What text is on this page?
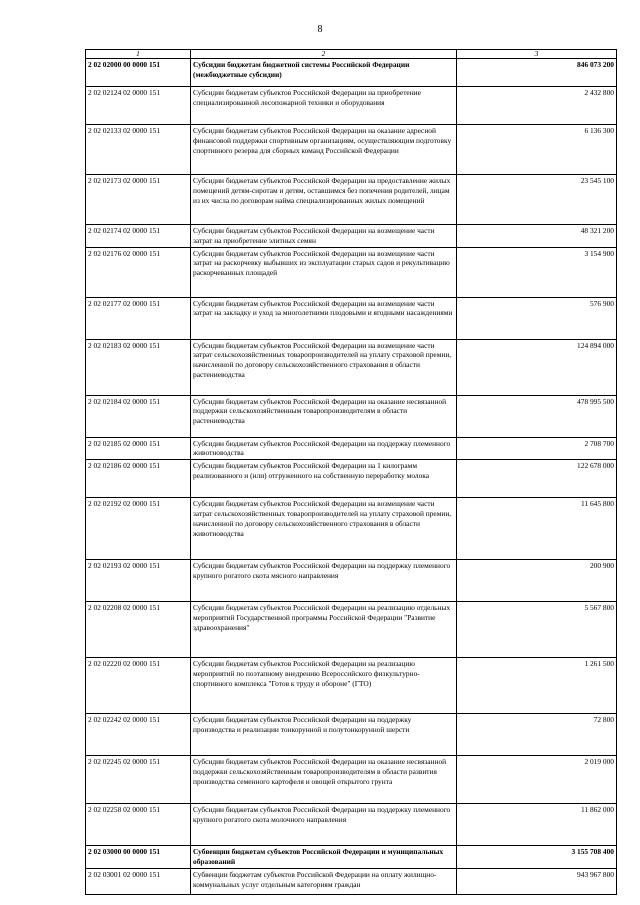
8
1	2	3
2 02 02000 00 0000 151	Субсидии бюджетам бюджетной системы Российской Федерации (межбюджетные субсидии)	846 073 200
2 02 02124 02 0000 151	Субсидии бюджетам субъектов Российской Федерации на приобретение специализированной лесопожарной техники и оборудования	2 432 800
2 02 02133 02 0000 151	Субсидии бюджетам субъектов Российской Федерации на оказание адресной финансовой поддержки спортивным организациям, осуществляющим подготовку спортивного резерва для сборных команд Российской Федерации	6 136 300
2 02 02173 02 0000 151	Субсидии бюджетам субъектов Российской Федерации на предоставление жилых помещений детям-сиротам и детям, оставшимся без попечения родителей, лицам из их числа по договорам найма специализированных жилых помещений	23 545 100
2 02 02174 02 0000 151	Субсидии бюджетам субъектов Российской Федерации на возмещение части затрат на приобретение элитных семян	48 321 200
2 02 02176 02 0000 151	Субсидии бюджетам субъектов Российской Федерации на возмещение части затрат на раскорчевку выбывших из эксплуатации старых садов и рекультивацию раскорчеванных площадей	3 154 900
2 02 02177 02 0000 151	Субсидии бюджетам субъектов Российской Федерации на возмещение части затрат на закладку и уход за многолетними плодовыми и ягодными насаждениями	576 900
2 02 02183 02 0000 151	Субсидии бюджетам субъектов Российской Федерации на возмещение части затрат сельскохозяйственных товаропроизводителей на уплату страховой премии, начисленной по договору сельскохозяйственного страхования в области растениеводства	124 894 000
2 02 02184 02 0000 151	Субсидии бюджетам субъектов Российской Федерации на оказание несвязанной поддержки сельскохозяйственным товаропроизводителям в области растениеводства	478 995 500
2 02 02185 02 0000 151	Субсидии бюджетам субъектов Российской Федерации на поддержку племенного животноводства	2 708 700
2 02 02186 02 0000 151	Субсидии бюджетам субъектов Российской Федерации на 1 килограмм реализованного и (или) отгруженного на собственную переработку молока	122 678 000
2 02 02192 02 0000 151	Субсидии бюджетам субъектов Российской Федерации на возмещение части затрат сельскохозяйственных товаропроизводителей на уплату страховой премии, начисленной по договору сельскохозяйственного страхования в области животноводства	11 645 800
2 02 02193 02 0000 151	Субсидии бюджетам субъектов Российской Федерации на поддержку племенного крупного рогатого скота мясного направления	200 900
2 02 02208 02 0000 151	Субсидии бюджетам субъектов Российской Федерации на реализацию отдельных мероприятий Государственной программы Российской Федерации "Развитие здравоохранения"	5 567 800
2 02 02220 02 0000 151	Субсидии бюджетам субъектов Российской Федерации на реализацию мероприятий по поэтапному внедрению Всероссийского физкультурно-спортивного комплекса "Готов к труду и обороне" (ГТО)	1 261 500
2 02 02242 02 0000 151	Субсидии бюджетам субъектов Российской Федерации на поддержку производства и реализации тонкорунной и полутонкорунной шерсти	72 800
2 02 02245 02 0000 151	Субсидии бюджетам субъектов Российской Федерации на оказание несвязанной поддержки сельскохозяйственным товаропроизводителям в области развития производства семенного картофеля и овощей открытого грунта	2 019 000
2 02 02258 02 0000 151	Субсидии бюджетам субъектов Российской Федерации на поддержку племенного крупного рогатого скота молочного направления	11 862 000
2 02 03000 00 0000 151	Субвенции бюджетам субъектов Российской Федерации и муниципальных образований	3 155 708 400
2 02 03001 02 0000 151	Субвенции бюджетам субъектов Российской Федерации на оплату жилищно-коммунальных услуг отдельным категориям граждан	943 967 800
